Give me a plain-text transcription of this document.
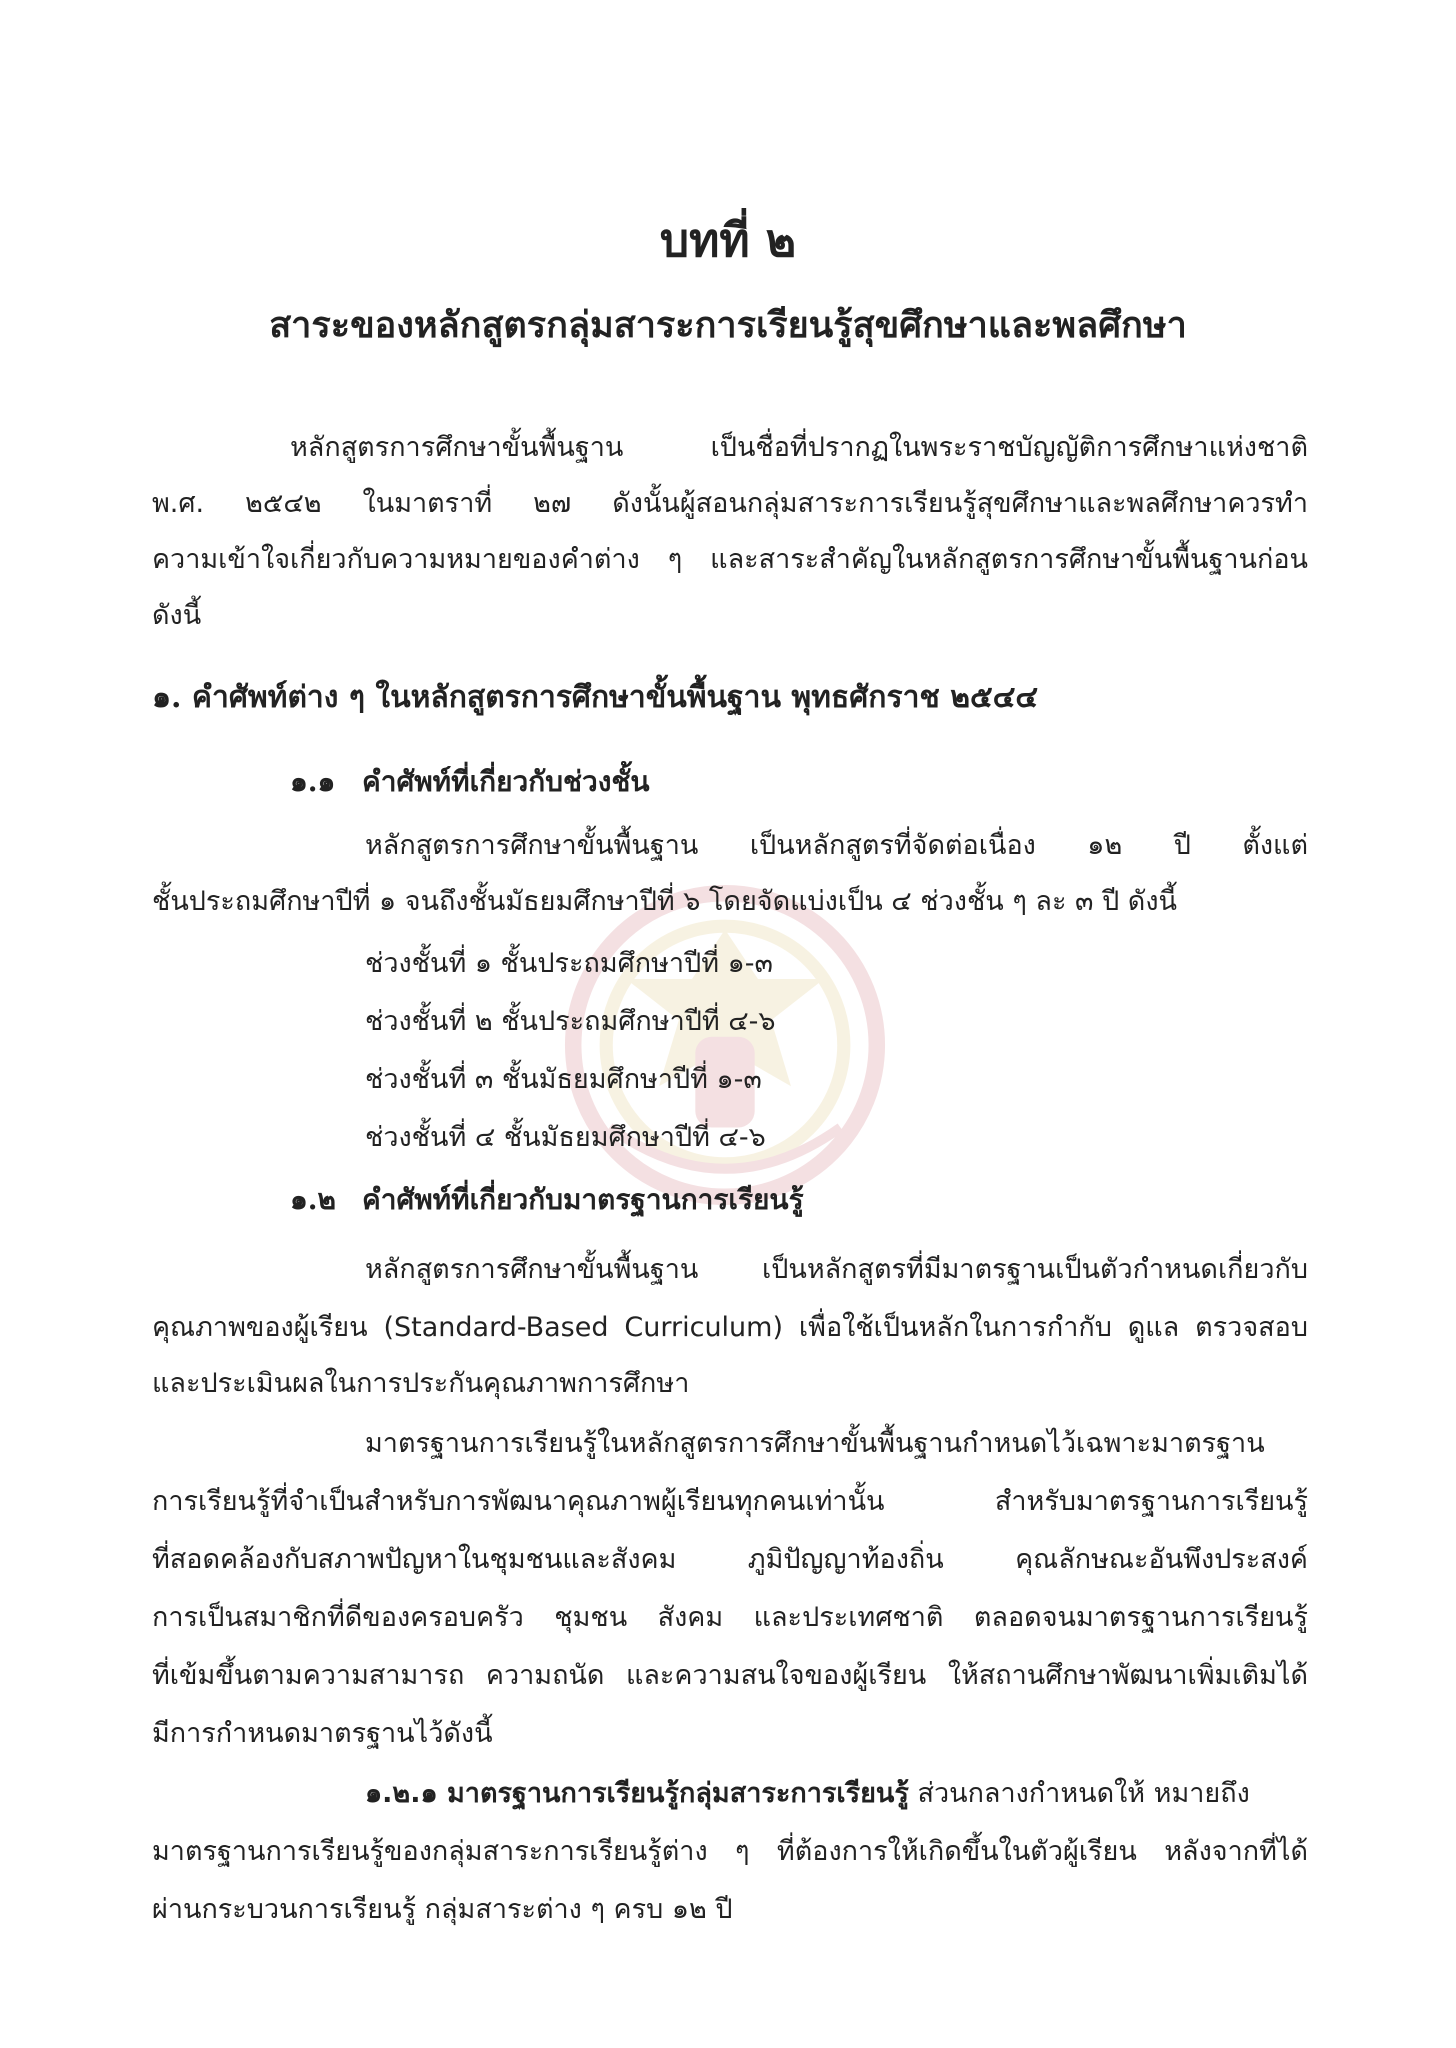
บทที่ ๒
สาระของหลักสูตรกลุ่มสาระการเรียนรู้สุขศึกษาและพลศึกษา
หลักสูตรการศึกษาขั้นพื้นฐาน เป็นชื่อที่ปรากฏในพระราชบัญญัติการศึกษาแห่งชาติ
พ.ศ. ๒๕๔๒ ในมาตราที่ ๒๗ ดังนั้นผู้สอนกลุ่มสาระการเรียนรู้สุขศึกษาและพลศึกษาควรทำ
ความเข้าใจเกี่ยวกับความหมายของคำต่าง ๆ และสาระสำคัญในหลักสูตรการศึกษาขั้นพื้นฐานก่อน
ดังนี้
๑. คำศัพท์ต่าง ๆ ในหลักสูตรการศึกษาขั้นพื้นฐาน พุทธศักราช ๒๕๔๔
๑.๑ คำศัพท์ที่เกี่ยวกับช่วงชั้น
หลักสูตรการศึกษาขั้นพื้นฐาน เป็นหลักสูตรที่จัดต่อเนื่อง ๑๒ ปี ตั้งแต่
ชั้นประถมศึกษาปีที่ ๑ จนถึงชั้นมัธยมศึกษาปีที่ ๖ โดยจัดแบ่งเป็น ๔ ช่วงชั้น ๆ ละ ๓ ปี ดังนี้
ช่วงชั้นที่ ๑ ชั้นประถมศึกษาปีที่ ๑-๓
ช่วงชั้นที่ ๒ ชั้นประถมศึกษาปีที่ ๔-๖
ช่วงชั้นที่ ๓ ชั้นมัธยมศึกษาปีที่ ๑-๓
ช่วงชั้นที่ ๔ ชั้นมัธยมศึกษาปีที่ ๔-๖
๑.๒ คำศัพท์ที่เกี่ยวกับมาตรฐานการเรียนรู้
หลักสูตรการศึกษาขั้นพื้นฐาน เป็นหลักสูตรที่มีมาตรฐานเป็นตัวกำหนดเกี่ยวกับ
คุณภาพของผู้เรียน (Standard-Based Curriculum) เพื่อใช้เป็นหลักในการกำกับ ดูแล ตรวจสอบ
และประเมินผลในการประกันคุณภาพการศึกษา
มาตรฐานการเรียนรู้ในหลักสูตรการศึกษาขั้นพื้นฐานกำหนดไว้เฉพาะมาตรฐาน
การเรียนรู้ที่จำเป็นสำหรับการพัฒนาคุณภาพผู้เรียนทุกคนเท่านั้น สำหรับมาตรฐานการเรียนรู้
ที่สอดคล้องกับสภาพปัญหาในชุมชนและสังคม ภูมิปัญญาท้องถิ่น คุณลักษณะอันพึงประสงค์
การเป็นสมาชิกที่ดีของครอบครัว ชุมชน สังคม และประเทศชาติ ตลอดจนมาตรฐานการเรียนรู้
ที่เข้มขึ้นตามความสามารถ ความถนัด และความสนใจของผู้เรียน ให้สถานศึกษาพัฒนาเพิ่มเติมได้
มีการกำหนดมาตรฐานไว้ดังนี้
๑.๒.๑ มาตรฐานการเรียนรู้กลุ่มสาระการเรียนรู้ ส่วนกลางกำหนดให้ หมายถึง
มาตรฐานการเรียนรู้ของกลุ่มสาระการเรียนรู้ต่าง ๆ ที่ต้องการให้เกิดขึ้นในตัวผู้เรียน หลังจากที่ได้
ผ่านกระบวนการเรียนรู้ กลุ่มสาระต่าง ๆ ครบ ๑๒ ปี
